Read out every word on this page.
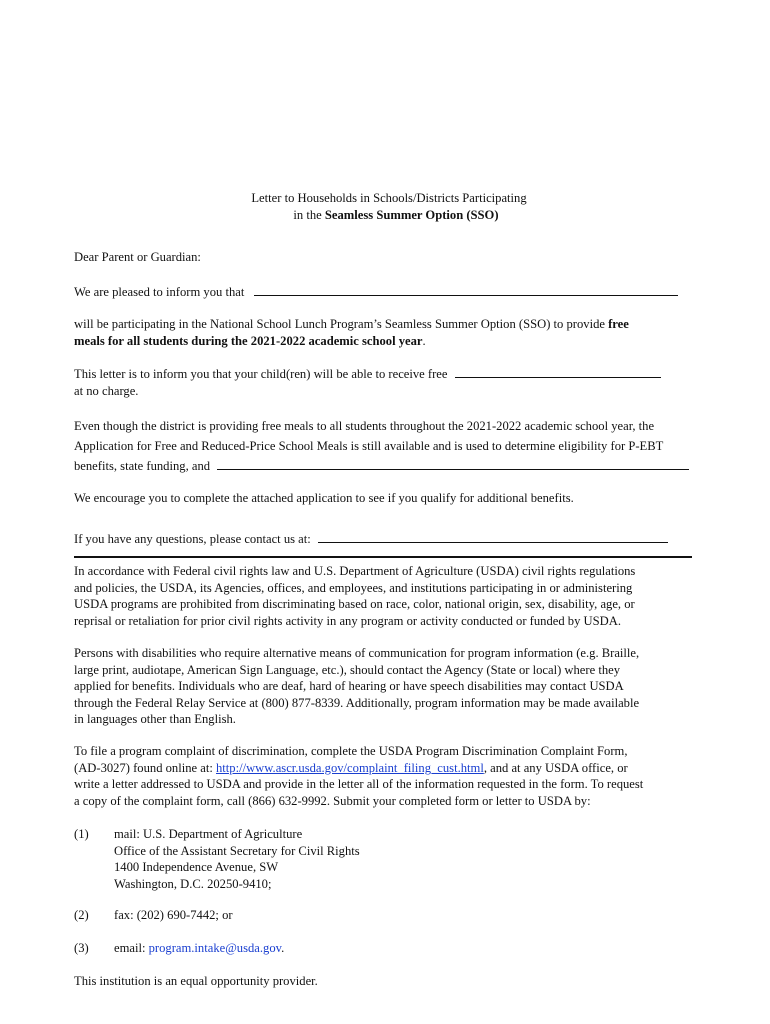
Letter to Households in Schools/Districts Participating
in the Seamless Summer Option (SSO)
Dear Parent or Guardian:
We are pleased to inform you that
will be participating in the National School Lunch Program’s Seamless Summer Option (SSO) to provide free
meals for all students during the 2021-2022 academic school year.
This letter is to inform you that your child(ren) will be able to receive free
at no charge.
Even though the district is providing free meals to all students throughout the 2021-2022 academic school year, the
Application for Free and Reduced-Price School Meals is still available and is used to determine eligibility for P-EBT
benefits, state funding, and
We encourage you to complete the attached application to see if you qualify for additional benefits.
If you have any questions, please contact us at:
In accordance with Federal civil rights law and U.S. Department of Agriculture (USDA) civil rights regulations
and policies, the USDA, its Agencies, offices, and employees, and institutions participating in or administering
USDA programs are prohibited from discriminating based on race, color, national origin, sex, disability, age, or
reprisal or retaliation for prior civil rights activity in any program or activity conducted or funded by USDA.
Persons with disabilities who require alternative means of communication for program information (e.g. Braille,
large print, audiotape, American Sign Language, etc.), should contact the Agency (State or local) where they
applied for benefits. Individuals who are deaf, hard of hearing or have speech disabilities may contact USDA
through the Federal Relay Service at (800) 877-8339. Additionally, program information may be made available
in languages other than English.
To file a program complaint of discrimination, complete the USDA Program Discrimination Complaint Form,
(AD-3027) found online at: http://www.ascr.usda.gov/complaint_filing_cust.html, and at any USDA office, or
write a letter addressed to USDA and provide in the letter all of the information requested in the form. To request
a copy of the complaint form, call (866) 632-9992. Submit your completed form or letter to USDA by:
(1)	mail: U.S. Department of Agriculture
Office of the Assistant Secretary for Civil Rights
1400 Independence Avenue, SW
Washington, D.C. 20250-9410;
(2)	fax: (202) 690-7442; or
(3)	email: program.intake@usda.gov.
This institution is an equal opportunity provider.
